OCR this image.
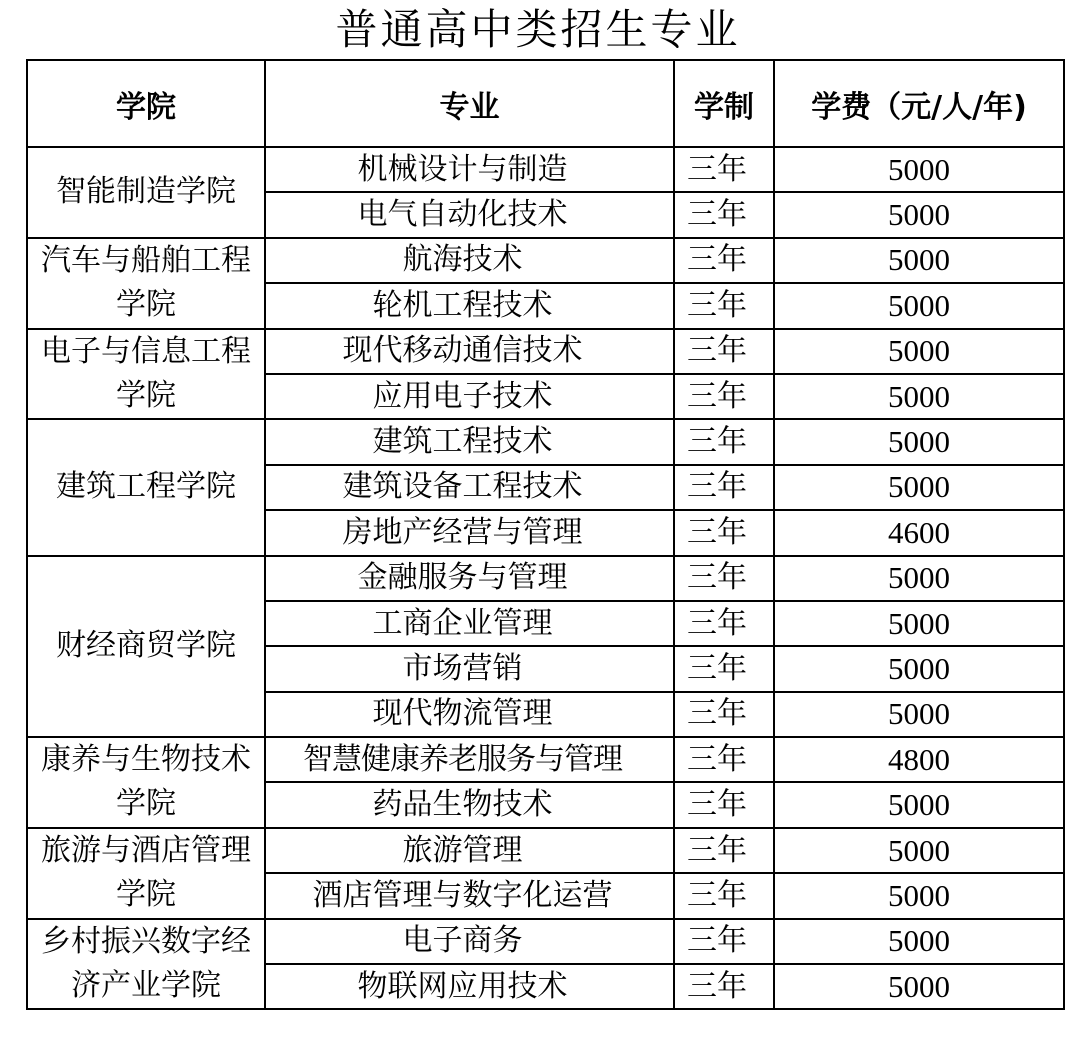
普通高中类招生专业
学院	专业	学制	学费（元/人/年)
智能制造学院	机械设计与制造	三年	5000
	电气自动化技术	三年	5000
汽车与船舶工程学院	航海技术	三年	5000
	轮机工程技术	三年	5000
电子与信息工程学院	现代移动通信技术	三年	5000
	应用电子技术	三年	5000
建筑工程学院	建筑工程技术	三年	5000
	建筑设备工程技术	三年	5000
	房地产经营与管理	三年	4600
财经商贸学院	金融服务与管理	三年	5000
	工商企业管理	三年	5000
	市场营销	三年	5000
	现代物流管理	三年	5000
康养与生物技术学院	智慧健康养老服务与管理	三年	4800
	药品生物技术	三年	5000
旅游与酒店管理学院	旅游管理	三年	5000
	酒店管理与数字化运营	三年	5000
乡村振兴数字经济产业学院	电子商务	三年	5000
	物联网应用技术	三年	5000
